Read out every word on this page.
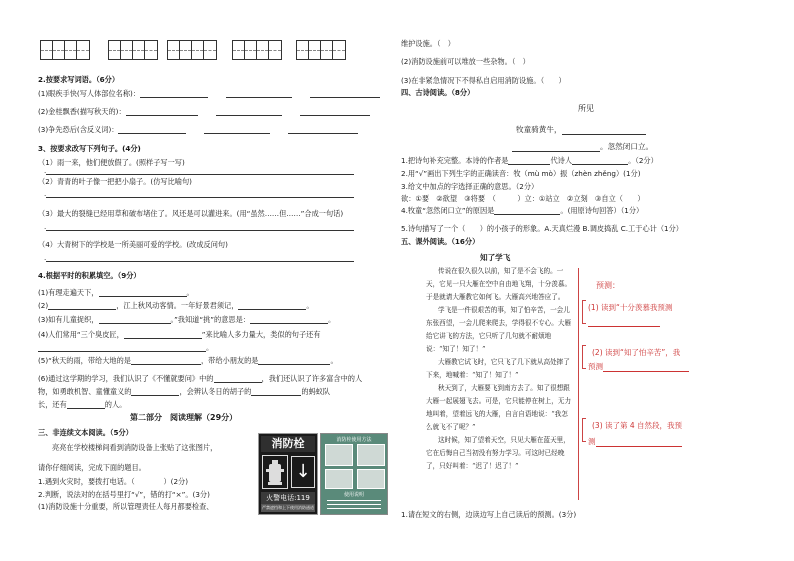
2.按要求写词语。（6分）
(1)眼疾手快(写人体部位名称)：
(2)金桂飘香(描写秋天的)：
(3)争先恐后(含反义词)：
3、按要求改写下列句子。(4分)
（1）雨一来，他们便放假了。(照样子写一写)
.
（2）青青的叶子像一把把小扇子。(仿写比喻句)
.
（3）最大的裂缝已经用草和破布堵住了。风还是可以灌进来。(用“虽然……但……”合成一句话)
.
（4）大青树下的学校是一所美丽可爱的学校。(改成反问句)
.
4.根据平时的积累填空。（9分）
(1)有理走遍天下，	。
(2)	，江上秋风动客情。一年好景君须记，	。
(3)如有儿童捉织，	。”我知道“挑”的意思是：	。
(4)人们常用“三个臭皮匠，	”来比喻人多力量大，类似的句子还有
。
(5)“秋天的雨，带给大地的是	，带给小朋友的是	。
(6)通过这学期的学习，我们认识了《不懂就要问》中的	，我们还认识了许多富含中的人
物，如勇敢机智、童懂童义的	，会辨认冬日的胡子的	的蚂蚁队
长，还有	的人。
第二部分　阅读理解（29分）
三、非连续文本阅读。（5分）
亮亮在学校楼梯间看到消防设备上张贴了这张图片，
请你仔细阅读，完成下面的题目。
1.遇到火灾时，要拨打电话。（　　　　）(2分)
2.判断，说法对的在括号里打“√”，错的打“×”。(3分)
(1)消防设施十分重要，所以管理责任人每月都要检查、
消防栓
↓
火警电话:119
严禁遮挡和上下使用消防通道
消防栓使用方法
使用说明
维护设施。（　）
(2)消防设施前可以堆放一些杂物。（　）
(3)在非紧急情况下不得私自启用消防设施。（　　）
四、古诗阅读。（8分）
所见
牧童骑黄牛，
。忽然闭口立。
1.把诗句补充完整。本诗的作者是	代诗人	。（2分）
2.用“√”画出下列生字的正确读音：牧（mù mò）振（zhèn zhěng）(1分)
3.给文中加点的字选择正确的意思。（2分）
欲：①要　②欲望　③将要　（　　　）立：①站立　②立刻　③自立（　　）
4.牧童“忽然闭口立”的原因是	。(用原诗句回答）（1分）
5.诗句描写了一个（　　）的小孩子的形象。A.天真烂漫 B.调皮捣乱 C.工于心计（1分）
五、课外阅读。（16分）
知了学飞

传说在很久很久以前，知了是不会飞的。一天，它见一只大雁在空中自由地飞翔，十分羡慕。于是就请大雁教它如何飞。大雁高兴地答应了。

学飞是一件很艰苦的事，知了怕辛苦，一会儿东张西望，一会儿爬来爬去，学得很不专心。大雁给它讲飞的方法，它只听了几句就不耐烦地说：“知了！知了！”

大雁教它试飞时，它只飞了几下就从高处摔了下来，地喊着：“知了！知了！”

秋天到了，大雁要飞到南方去了。知了很想跟大雁一起展翅飞去。可是，它只能停在树上，无力地叫着，望着远飞的大雁，自言自语地说：“我怎么就飞不了呢？”

这时候，知了望着天空，只见大雁在蓝天里，它在后悔自己当初没有努力学习。可这时已经晚了，只好叫着：“迟了！迟了！”

预测：
(1) 读到“十分羡慕我预测
(2) 读到“知了怕辛苦”，我
预测
(3) 读了第 4 自然段，我预
测
1.请在短文的右侧，边读边写上自己读后的预测。(3分)
